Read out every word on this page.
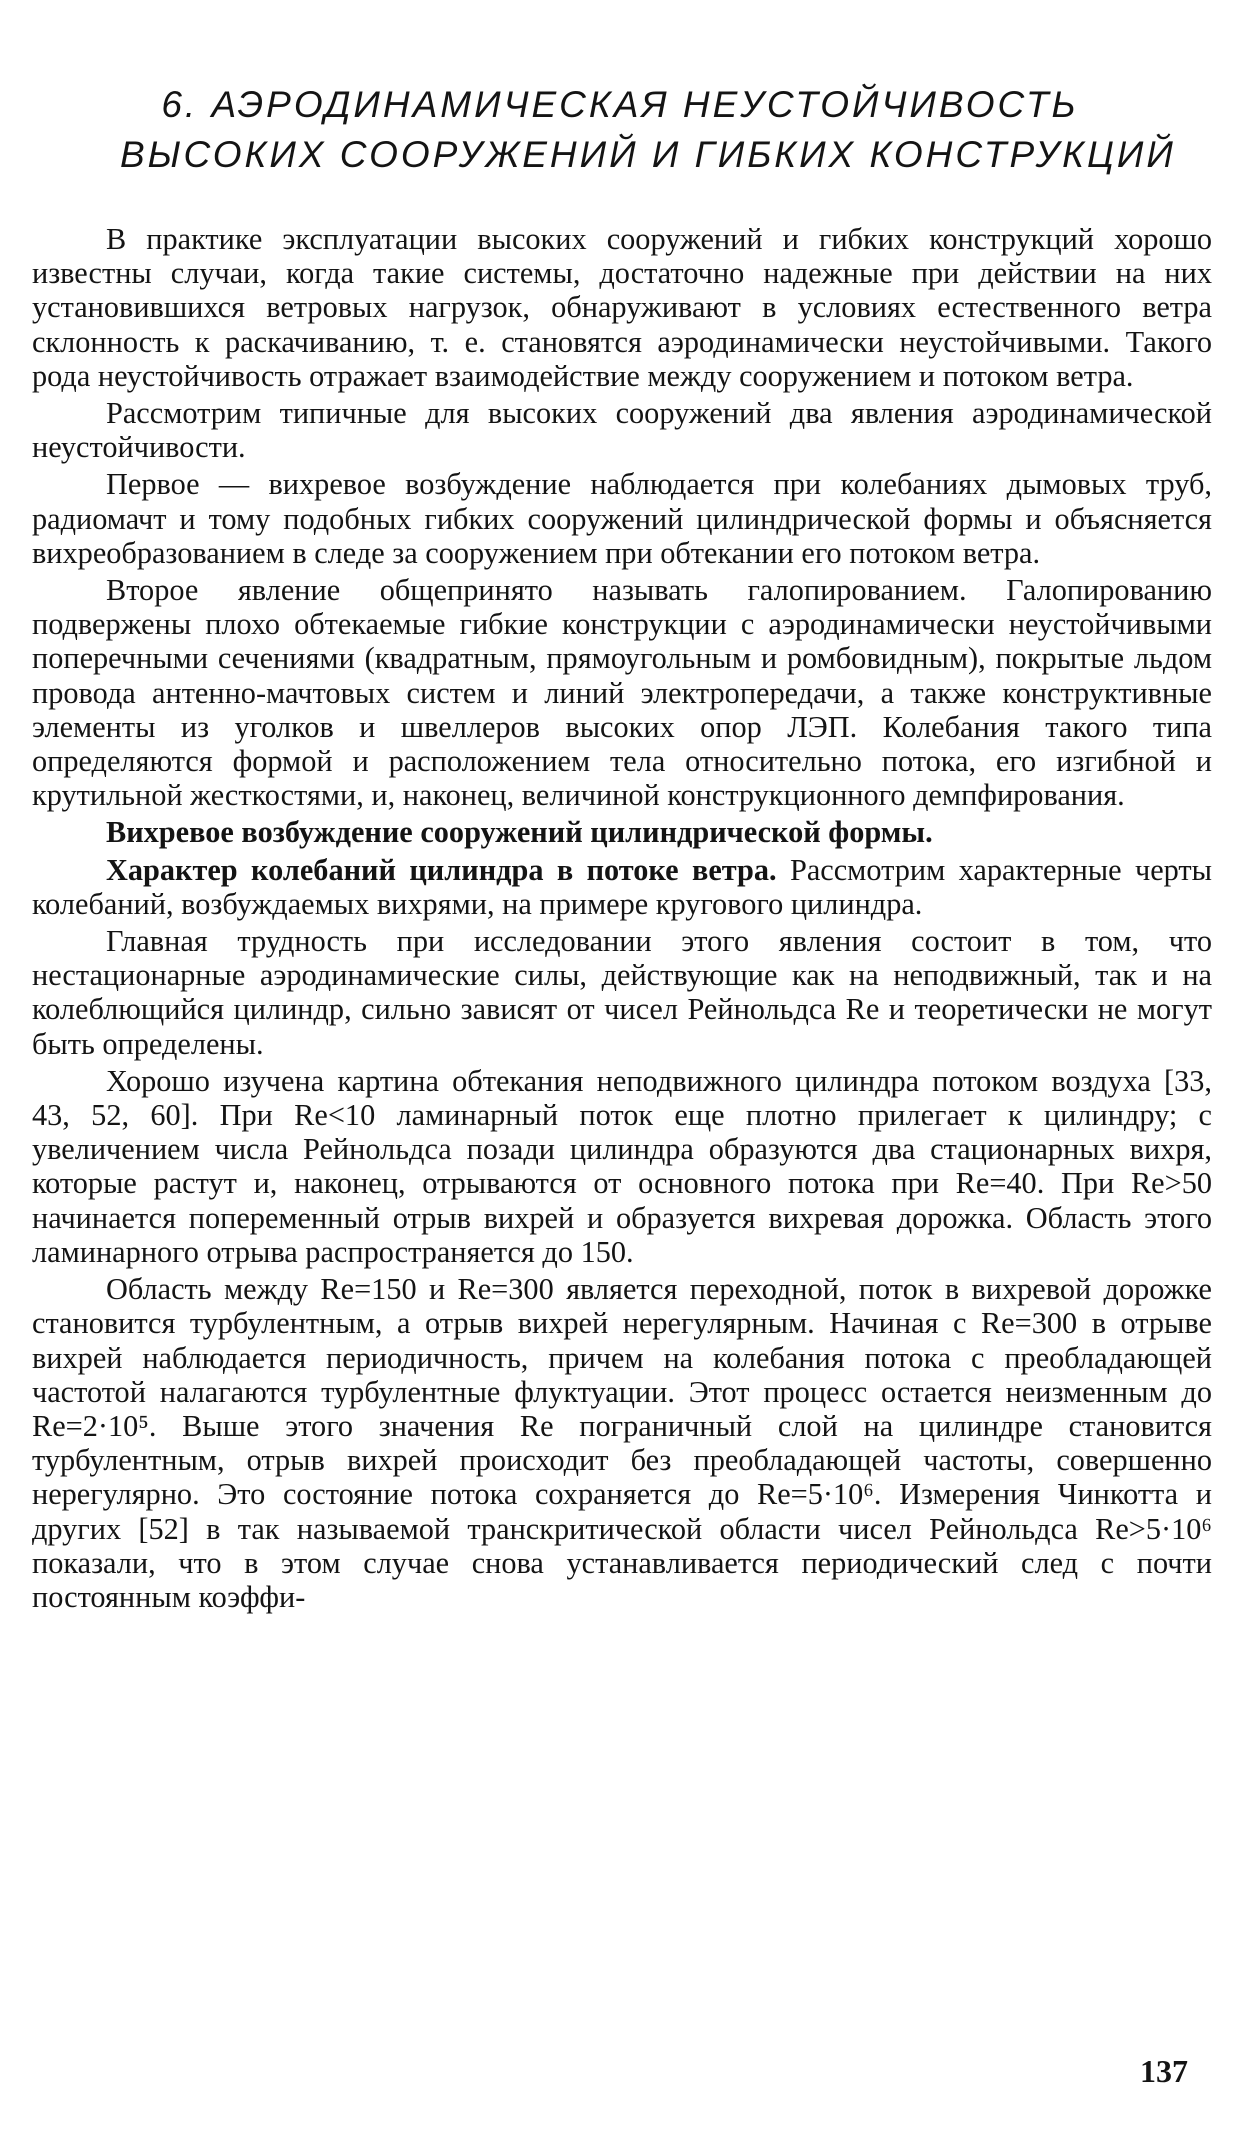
6. АЭРОДИНАМИЧЕСКАЯ НЕУСТОЙЧИВОСТЬ
ВЫСОКИХ СООРУЖЕНИЙ И ГИБКИХ КОНСТРУКЦИЙ

В практике эксплуатации высоких сооружений и гибких конструкций хорошо известны случаи, когда такие системы, достаточно надежные при действии на них установившихся ветровых нагрузок, обнаруживают в условиях естественного ветра склонность к раскачиванию, т. е. становятся аэродинамически неустойчивыми. Такого рода неустойчивость отражает взаимодействие между сооружением и потоком ветра.

Рассмотрим типичные для высоких сооружений два явления аэродинамической неустойчивости.

Первое — вихревое возбуждение наблюдается при колебаниях дымовых труб, радиомачт и тому подобных гибких сооружений цилиндрической формы и объясняется вихреобразованием в следе за сооружением при обтекании его потоком ветра.

Второе явление общепринято называть галопированием. Галопированию подвержены плохо обтекаемые гибкие конструкции с аэродинамически неустойчивыми поперечными сечениями (квадратным, прямоугольным и ромбовидным), покрытые льдом провода антенно-мачтовых систем и линий электропередачи, а также конструктивные элементы из уголков и швеллеров высоких опор ЛЭП. Колебания такого типа определяются формой и расположением тела относительно потока, его изгибной и крутильной жесткостями, и, наконец, величиной конструкционного демпфирования.

Вихревое возбуждение сооружений цилиндрической формы.

Характер колебаний цилиндра в потоке ветра. Рассмотрим характерные черты колебаний, возбуждаемых вихрями, на примере кругового цилиндра.

Главная трудность при исследовании этого явления состоит в том, что нестационарные аэродинамические силы, действующие как на неподвижный, так и на колеблющийся цилиндр, сильно зависят от чисел Рейнольдса Re и теоретически не могут быть определены.

Хорошо изучена картина обтекания неподвижного цилиндра потоком воздуха [33, 43, 52, 60]. При Re<10 ламинарный поток еще плотно прилегает к цилиндру; с увеличением числа Рейнольдса позади цилиндра образуются два стационарных вихря, которые растут и, наконец, отрываются от основного потока при Re=40. При Re>50 начинается попеременный отрыв вихрей и образуется вихревая дорожка. Область этого ламинарного отрыва распространяется до 150.

Область между Re=150 и Re=300 является переходной, поток в вихревой дорожке становится турбулентным, а отрыв вихрей нерегулярным. Начиная с Re=300 в отрыве вихрей наблюдается периодичность, причем на колебания потока с преобладающей частотой налагаются турбулентные флуктуации. Этот процесс остается неизменным до Re=2·10⁵. Выше этого значения Re пограничный слой на цилиндре становится турбулентным, отрыв вихрей происходит без преобладающей частоты, совершенно нерегулярно. Это состояние потока сохраняется до Re=5·10⁶. Измерения Чинкотта и других [52] в так называемой транскритической области чисел Рейнольдса Re>5·10⁶ показали, что в этом случае снова устанавливается периодический след с почти постоянным коэффи-

137
